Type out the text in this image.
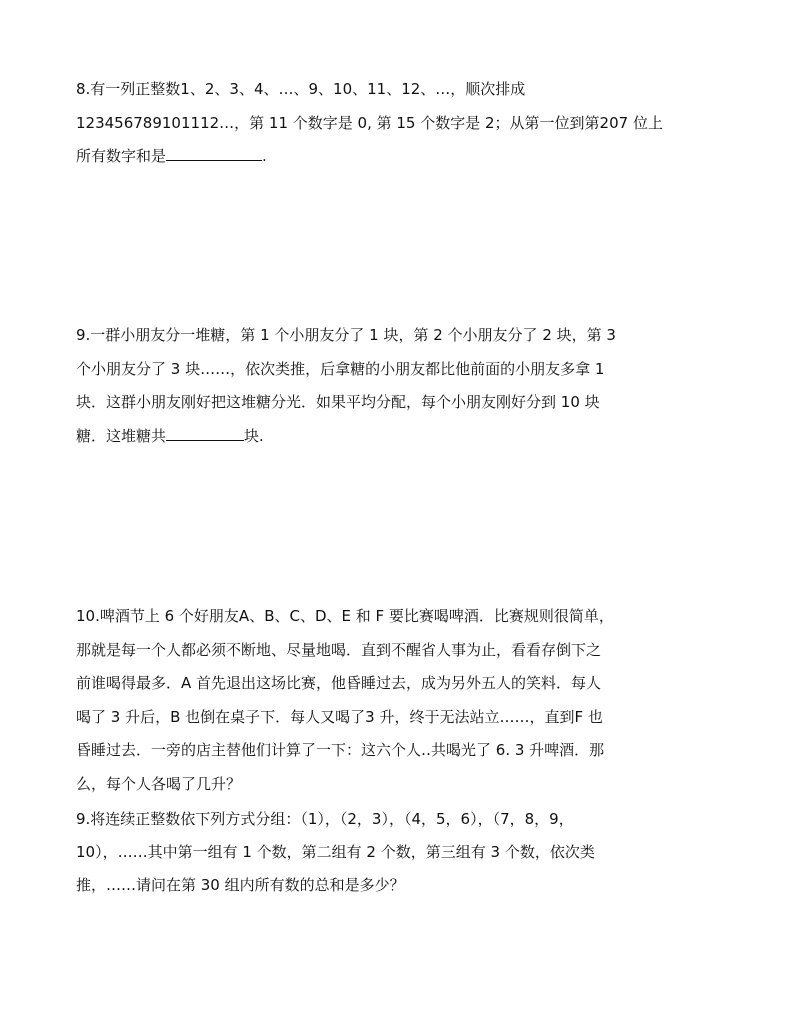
8.有一列正整数1、2、3、4、…、9、10、11、12、…，顺次排成
123456789101112…，第 11 个数字是 0, 第 15 个数字是 2；从第一位到第207 位上
所有数字和是	.
9.一群小朋友分一堆糖，第 1 个小朋友分了 1 块，第 2 个小朋友分了 2 块，第 3
个小朋友分了 3 块……，依次类推，后拿糖的小朋友都比他前面的小朋友多拿 1
块．这群小朋友刚好把这堆糖分光．如果平均分配，每个小朋友刚好分到 10 块
糖．这堆糖共	块.
10.啤酒节上 6 个好朋友A、B、C、D、E 和 F 要比赛喝啤酒．比赛规则很简单，
那就是每一个人都必须不断地、尽量地喝．直到不醒省人事为止，看看存倒下之
前谁喝得最多．A 首先退出这场比赛，他昏睡过去，成为另外五人的笑料．每人
喝了 3 升后，B 也倒在桌子下．每人又喝了3 升，终于无法站立……，直到F 也
昏睡过去．一旁的店主替他们计算了一下：这六个人‥共喝光了 6. 3 升啤酒．那
么，每个人各喝了几升？
9.将连续正整数依下列方式分组：（1），（2，3），（4，5，6），（7，8，9，
10），……其中第一组有 1 个数，第二组有 2 个数，第三组有 3 个数，依次类
推，……请问在第 30 组内所有数的总和是多少？
